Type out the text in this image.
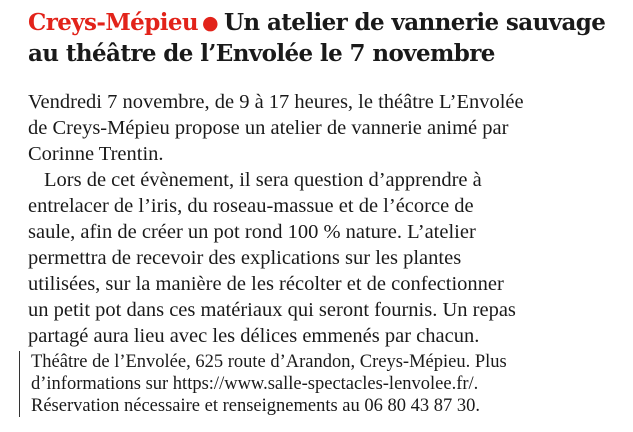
Creys-Mépieu ● Un atelier de vannerie sauvage
au théâtre de l’Envolée le 7 novembre

Vendredi 7 novembre, de 9 à 17 heures, le théâtre L’Envolée
de Creys-Mépieu propose un atelier de vannerie animé par
Corinne Trentin.

Lors de cet évènement, il sera question d’apprendre à
entrelacer de l’iris, du roseau-massue et de l’écorce de
saule, afin de créer un pot rond 100 % nature. L’atelier
permettra de recevoir des explications sur les plantes
utilisées, sur la manière de les récolter et de confectionner
un petit pot dans ces matériaux qui seront fournis. Un repas
partagé aura lieu avec les délices emmenés par chacun.

Théâtre de l’Envolée, 625 route d’Arandon, Creys-Mépieu. Plus
d’informations sur https://www.salle-spectacles-lenvolee.fr/.
Réservation nécessaire et renseignements au 06 80 43 87 30.
